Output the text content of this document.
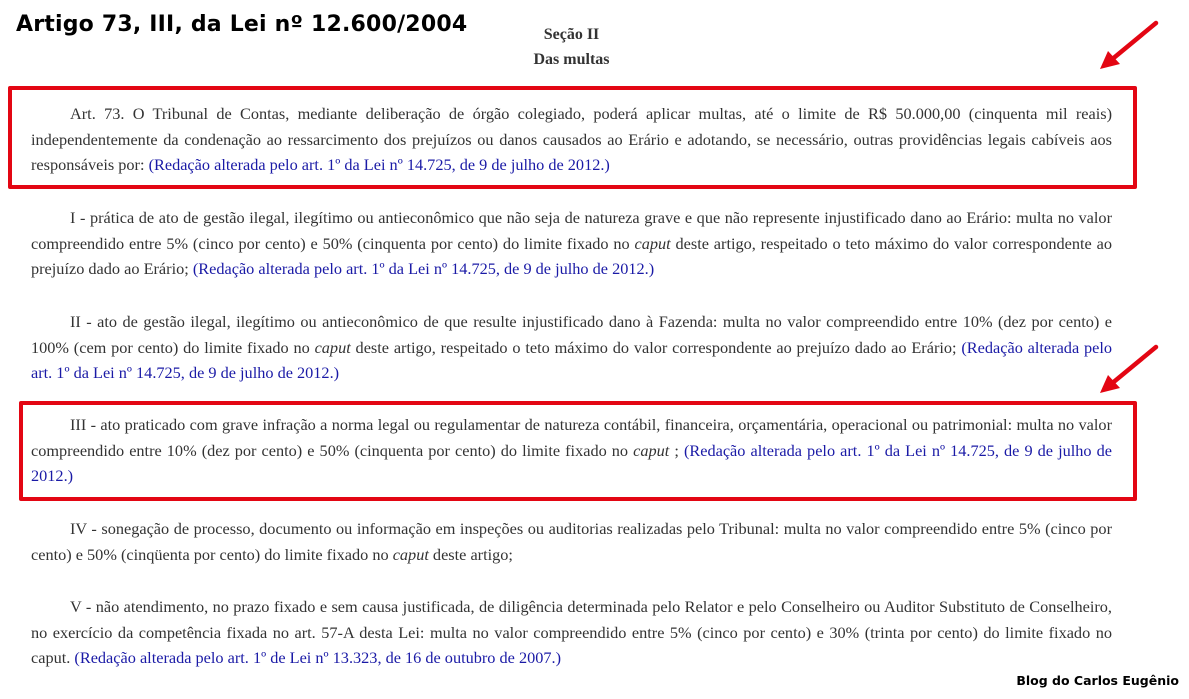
Artigo 73, III, da Lei nº 12.600/2004	Seção II
Das multas

Art. 73. O Tribunal de Contas, mediante deliberação de órgão colegiado, poderá aplicar multas, até o limite de R$ 50.000,00 (cinquenta mil reais) independentemente da condenação ao ressarcimento dos prejuízos ou danos causados ao Erário e adotando, se necessário, outras providências legais cabíveis aos responsáveis por: (Redação alterada pelo art. 1º da Lei nº 14.725, de 9 de julho de 2012.)

I - prática de ato de gestão ilegal, ilegítimo ou antieconômico que não seja de natureza grave e que não represente injustificado dano ao Erário: multa no valor compreendido entre 5% (cinco por cento) e 50% (cinquenta por cento) do limite fixado no caput deste artigo, respeitado o teto máximo do valor correspondente ao prejuízo dado ao Erário; (Redação alterada pelo art. 1º da Lei nº 14.725, de 9 de julho de 2012.)

II - ato de gestão ilegal, ilegítimo ou antieconômico de que resulte injustificado dano à Fazenda: multa no valor compreendido entre 10% (dez por cento) e 100% (cem por cento) do limite fixado no caput deste artigo, respeitado o teto máximo do valor correspondente ao prejuízo dado ao Erário; (Redação alterada pelo art. 1º da Lei nº 14.725, de 9 de julho de 2012.)

III - ato praticado com grave infração a norma legal ou regulamentar de natureza contábil, financeira, orçamentária, operacional ou patrimonial: multa no valor compreendido entre 10% (dez por cento) e 50% (cinquenta por cento) do limite fixado no caput ; (Redação alterada pelo art. 1º da Lei nº 14.725, de 9 de julho de 2012.)

IV - sonegação de processo, documento ou informação em inspeções ou auditorias realizadas pelo Tribunal: multa no valor compreendido entre 5% (cinco por cento) e 50% (cinqüenta por cento) do limite fixado no caput deste artigo;

V - não atendimento, no prazo fixado e sem causa justificada, de diligência determinada pelo Relator e pelo Conselheiro ou Auditor Substituto de Conselheiro, no exercício da competência fixada no art. 57-A desta Lei: multa no valor compreendido entre 5% (cinco por cento) e 30% (trinta por cento) do limite fixado no caput. (Redação alterada pelo art. 1º de Lei nº 13.323, de 16 de outubro de 2007.)

Blog do Carlos Eugênio
